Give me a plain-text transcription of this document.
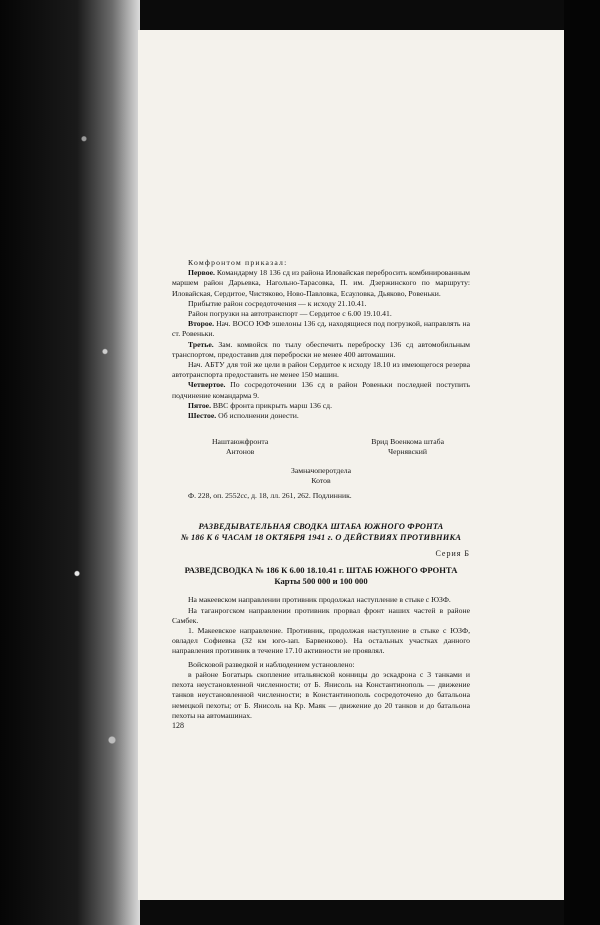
Комфронтом приказал:

Первое. Командарму 18 136 сд из района Иловайская перебросить комбинированным маршем район Дарьевка, Нагольно-Тарасовка, П. им. Дзержинского по маршруту: Иловайская, Сердитое, Чистяково, Ново-Павловка, Есауловка, Дьяково, Ровеньки.

Прибытие район сосредоточения — к исходу 21.10.41.

Район погрузки на автотранспорт — Сердитое с 6.00 19.10.41.

Второе. Нач. ВОСО ЮФ эшелоны 136 сд, находящиеся под погрузкой, направлять на ст. Ровеньки.

Третье. Зам. комвойск по тылу обеспечить переброску 136 сд автомобильным транспортом, предоставив для переброски не менее 400 автомашин.

Нач. АБТУ для той же цели в район Сердитое к исходу 18.10 из имеющегося резерва автотранспорта предоставить не менее 150 машин.

Четвертое. По сосредоточении 136 сд в район Ровеньки последней поступить подчинение командарма 9.

Пятое. ВВС фронта прикрыть марш 136 сд.

Шестое. Об исполнении донести.

Наштаюжфронта
Антонов
Врид Военкома штаба
Чернявский
Замначоперотдела
Котов

Ф. 228, оп. 2552сс, д. 18, лл. 261, 262. Подлинник.

РАЗВЕДЫВАТЕЛЬНАЯ СВОДКА ШТАБА ЮЖНОГО ФРОНТА

№ 186 К 6 ЧАСАМ 18 ОКТЯБРЯ 1941 г. О ДЕЙСТВИЯХ ПРОТИВНИКА

Серия Б

РАЗВЕДСВОДКА № 186 К 6.00 18.10.41 г. ШТАБ ЮЖНОГО ФРОНТА

Карты 500 000 и 100 000

На макеевском направлении противник продолжал наступление в стыке с ЮЗФ.

На таганрогском направлении противник прорвал фронт наших частей в районе Самбек.

1. Макеевское направление. Противник, продолжая наступление в стыке с ЮЗФ, овладел Софиевка (32 км юго-зап. Барвенково). На остальных участках данного направления противник в течение 17.10 активности не проявлял.

Войсковой разведкой и наблюдением установлено:

в районе Богатырь скопление итальянской конницы до эскадрона с 3 танками и пехота неустановленной численности; от Б. Янисоль на Константинополь — движение танков неустановленной численности; в Константинополь сосредоточено до батальона немецкой пехоты; от Б. Янисоль на Кр. Маяк — движение до 20 танков и до батальона пехоты на автомашинах.

128
